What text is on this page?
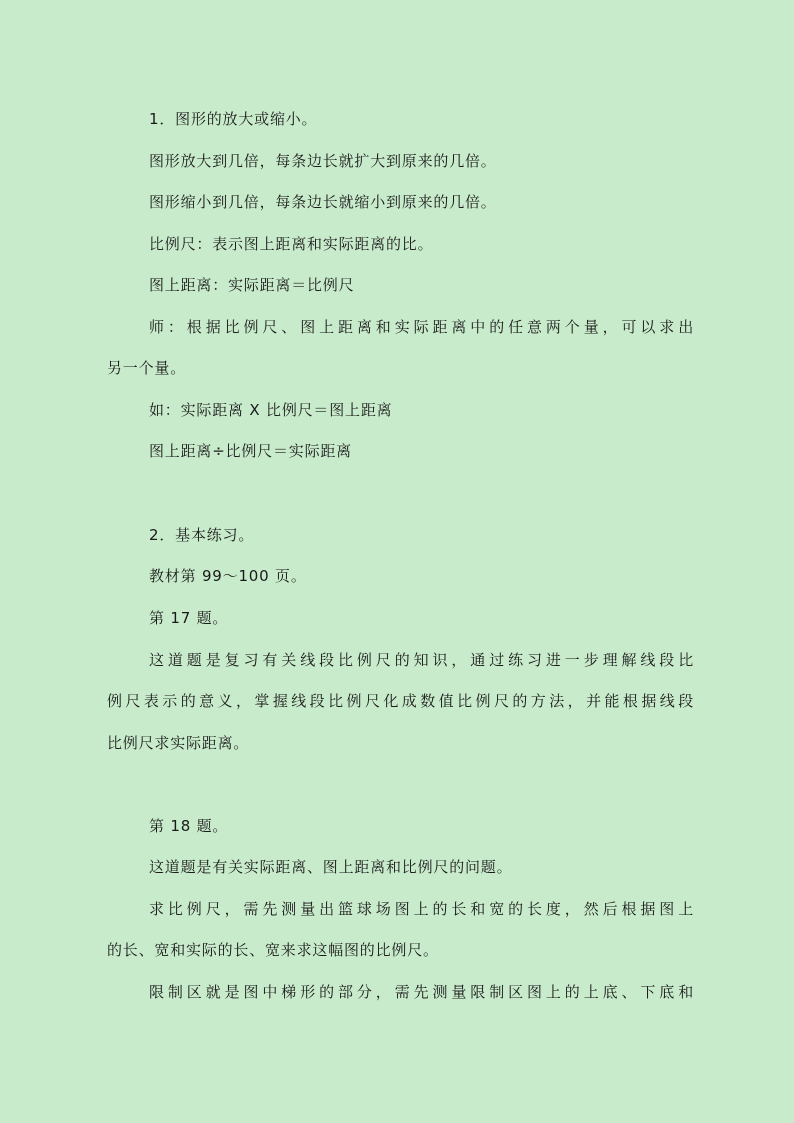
1．图形的放大或缩小。
图形放大到几倍，每条边长就扩大到原来的几倍。
图形缩小到几倍，每条边长就缩小到原来的几倍。
比例尺：表示图上距离和实际距离的比。
图上距离：实际距离＝比例尺
师：根据比例尺、图上距离和实际距离中的任意两个量，可以求出
另一个量。
如：实际距离 X 比例尺＝图上距离
图上距离÷比例尺＝实际距离
2．基本练习。
教材第 99～100 页。
第 17 题。
这道题是复习有关线段比例尺的知识，通过练习进一步理解线段比
例尺表示的意义，掌握线段比例尺化成数值比例尺的方法，并能根据线段
比例尺求实际距离。
第 18 题。
这道题是有关实际距离、图上距离和比例尺的问题。
求比例尺，需先测量出篮球场图上的长和宽的长度，然后根据图上
的长、宽和实际的长、宽来求这幅图的比例尺。
限制区就是图中梯形的部分，需先测量限制区图上的上底、下底和
